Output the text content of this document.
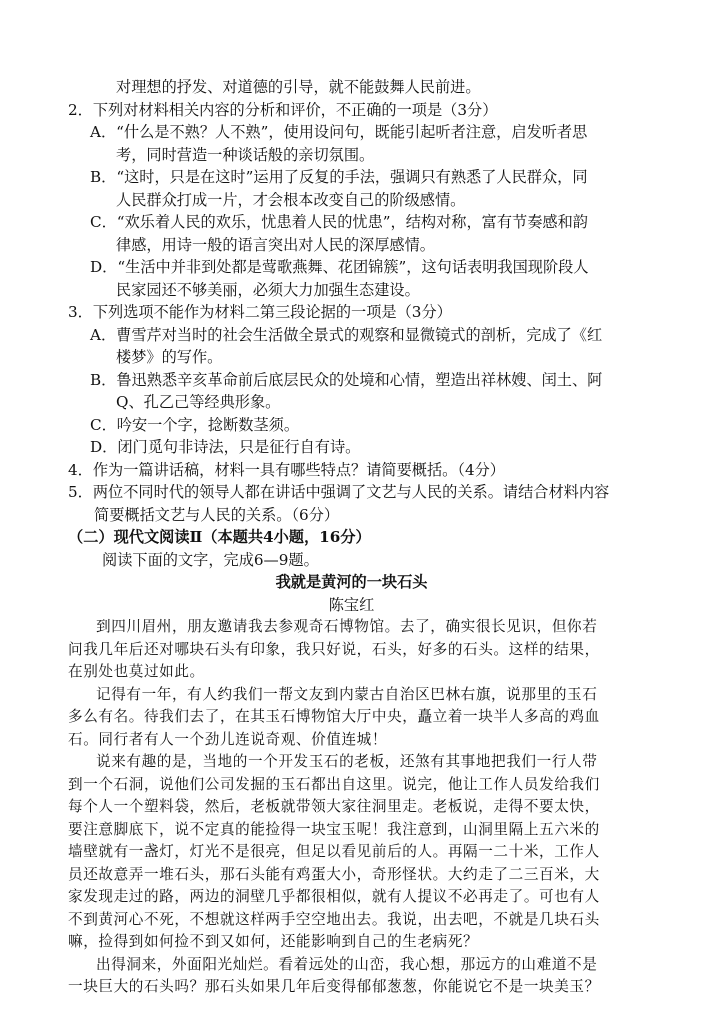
对理想的抒发、对道德的引导，就不能鼓舞人民前进。
2．下列对材料相关内容的分析和评价，不正确的一项是（3分）
A．“什么是不熟？人不熟”，使用设问句，既能引起听者注意，启发听者思
考，同时营造一种谈话般的亲切氛围。
B．“这时，只是在这时”运用了反复的手法，强调只有熟悉了人民群众，同
人民群众打成一片，才会根本改变自己的阶级感情。
C．“欢乐着人民的欢乐，忧患着人民的忧患”，结构对称，富有节奏感和韵
律感，用诗一般的语言突出对人民的深厚感情。
D．“生活中并非到处都是莺歌燕舞、花团锦簇”，这句话表明我国现阶段人
民家园还不够美丽，必须大力加强生态建设。
3．下列选项不能作为材料二第三段论据的一项是（3分）
A．曹雪芹对当时的社会生活做全景式的观察和显微镜式的剖析，完成了《红
楼梦》的写作。
B．鲁迅熟悉辛亥革命前后底层民众的处境和心情，塑造出祥林嫂、闰土、阿
Q、孔乙己等经典形象。
C．吟安一个字，捻断数茎须。
D．闭门觅句非诗法，只是征行自有诗。
4．作为一篇讲话稿，材料一具有哪些特点？请简要概括。（4分）
5．两位不同时代的领导人都在讲话中强调了文艺与人民的关系。请结合材料内容
简要概括文艺与人民的关系。（6分）
（二）现代文阅读Ⅱ（本题共4小题，16分）
阅读下面的文字，完成6—9题。
我就是黄河的一块石头
陈宝红
到四川眉州，朋友邀请我去参观奇石博物馆。去了，确实很长见识，但你若
问我几年后还对哪块石头有印象，我只好说，石头，好多的石头。这样的结果，
在别处也莫过如此。
记得有一年，有人约我们一帮文友到内蒙古自治区巴林右旗，说那里的玉石
多么有名。待我们去了，在其玉石博物馆大厅中央，矗立着一块半人多高的鸡血
石。同行者有人一个劲儿连说奇观、价值连城！
说来有趣的是，当地的一个开发玉石的老板，还煞有其事地把我们一行人带
到一个石洞，说他们公司发掘的玉石都出自这里。说完，他让工作人员发给我们
每个人一个塑料袋，然后，老板就带领大家往洞里走。老板说，走得不要太快，
要注意脚底下，说不定真的能捡得一块宝玉呢！我注意到，山洞里隔上五六米的
墙壁就有一盏灯，灯光不是很亮，但足以看见前后的人。再隔一二十米，工作人
员还故意弄一堆石头，那石头能有鸡蛋大小，奇形怪状。大约走了二三百米，大
家发现走过的路，两边的洞壁几乎都很相似，就有人提议不必再走了。可也有人
不到黄河心不死，不想就这样两手空空地出去。我说，出去吧，不就是几块石头
嘛，捡得到如何捡不到又如何，还能影响到自己的生老病死？
出得洞来，外面阳光灿烂。看着远处的山峦，我心想，那远方的山难道不是
一块巨大的石头吗？那石头如果几年后变得郁郁葱葱，你能说它不是一块美玉？
